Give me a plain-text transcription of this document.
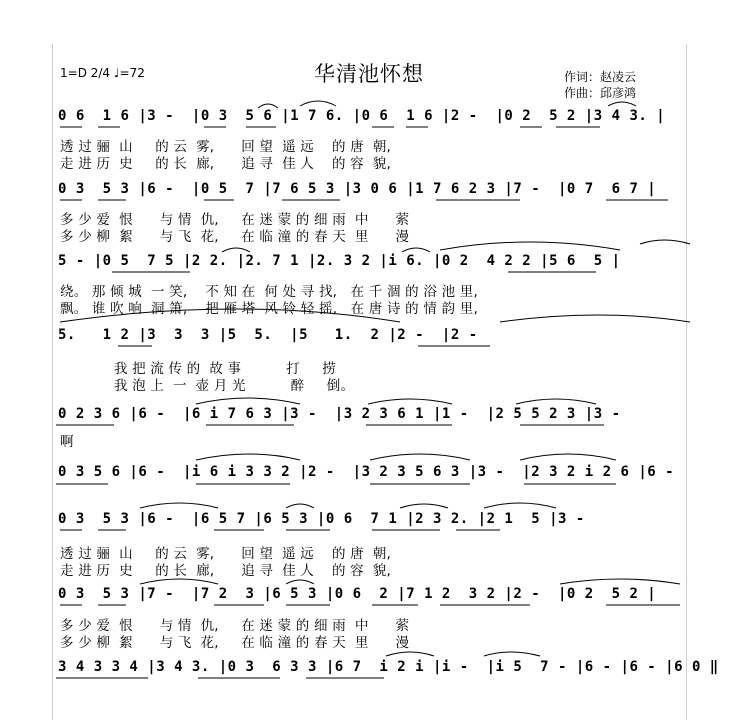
华清池怀想
1=D 2/4 ♩=72	作词：赵凌云
作曲：邱彦鸿
0 6  1 6 |3 -  |0 3  5 6 |1 7 6. |0 6  1 6 |2 -  |0 2  5 2 |3 4 3. |
透 过 骊  山     的 云  雾,      回 望  遥 远    的 唐  朝,
走 进 历  史     的 长  廊,      追 寻  佳 人    的 容  貌,
0 3  5 3 |6 -  |0 5  7 |7 6 5 3 |3 0 6 |1 7 6 2 3 |7 -  |0 7  6 7 |
多 少 爱  恨      与 情  仇,     在 迷 蒙 的 细 雨  中      萦
多 少 柳  絮      与 飞  花,     在 临 潼 的 春 天  里      漫
5 - |0 5  7 5 |2 2. |2. 7 1 |2. 3 2 |i 6. |0 2  4 2 2 |5 6  5 |
绕。 那 倾 城  一 笑,    不 知 在  何 处 寻 找,   在 千 涸 的 浴 池 里,
飘。 谁 吹 响  洞 箫,    把 雁 塔  风 铃 轻 摇,   在 唐 诗 的 情 韵 里,
5.   1 2 |3  3  3 |5  5.  |5   1.  2 |2 -  |2 -
我 把 流 传 的  故 事          打     捞
我 泡 上  一  壶 月 光          醉     倒。
0 2 3 6 |6 -  |6 i 7 6 3 |3 -  |3 2 3 6 1 |1 -  |2 5 5 2 3 |3 -
啊
0 3 5 6 |6 -  |i 6 i 3 3 2 |2 -  |3 2 3 5 6 3 |3 -  |2 3 2 i 2 6 |6 -
0 3  5 3 |6 -  |6 5 7 |6 5 3 |0 6  7 1 |2 3 2. |2 1  5 |3 -
透 过 骊  山     的 云  雾,      回 望  遥 远    的 唐  朝,
走 进 历  史     的 长  廊,      追 寻  佳 人    的 容  貌,
0 3  5 3 |7 -  |7 2  3 |6 5 3 |0 6  2 |7 1 2  3 2 |2 -  |0 2  5 2 |
多 少 爱  恨      与 情  仇,     在 迷 蒙 的 细 雨  中      萦
多 少 柳  絮      与 飞  花,     在 临 潼 的 春 天  里      漫
3 4 3 3 4 |3 4 3. |0 3  6 3 3 |6 7  i 2 i |i -  |i 5  7 - |6 - |6 - |6 0 ‖
